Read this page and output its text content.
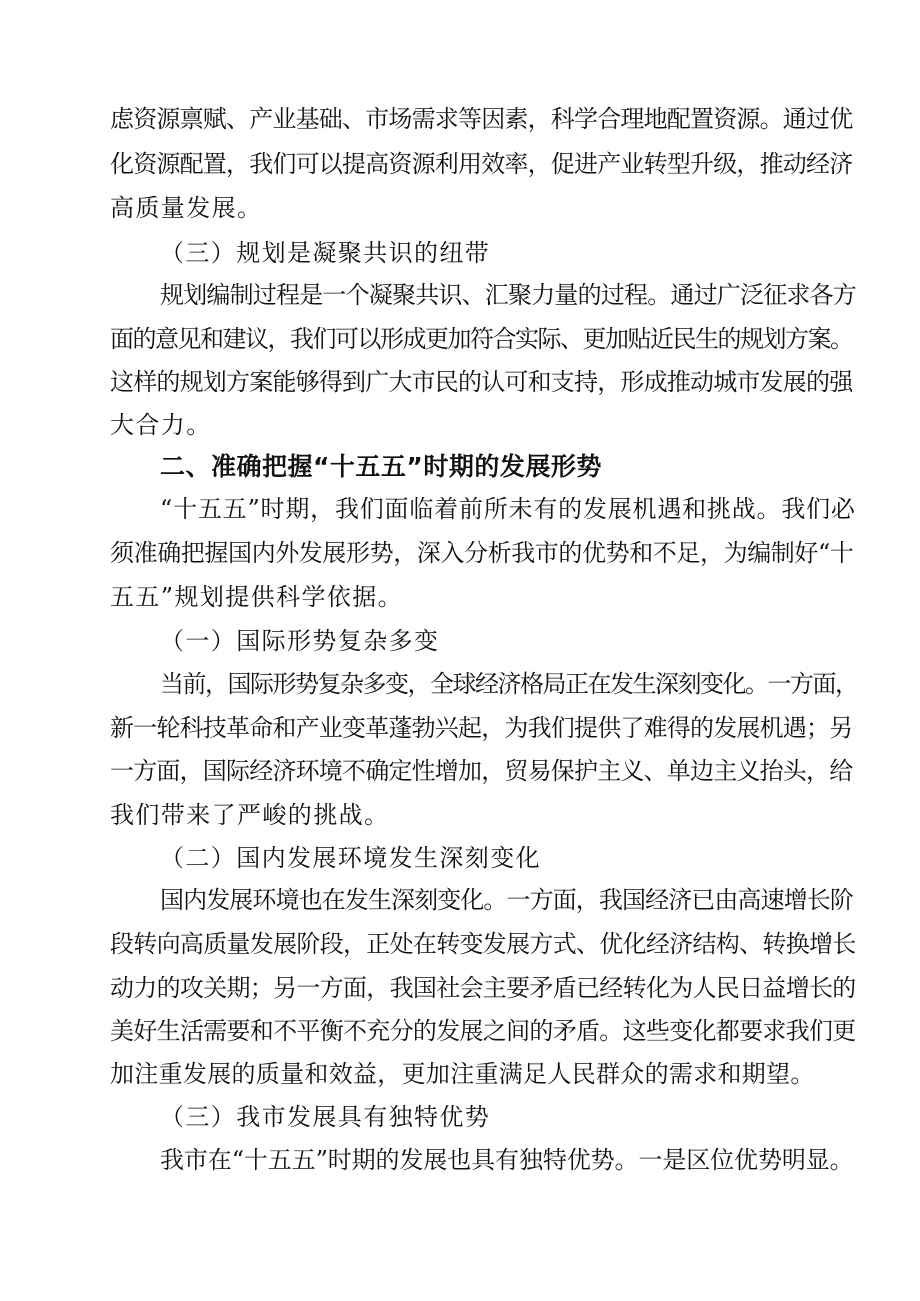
虑资源禀赋、产业基础、市场需求等因素，科学合理地配置资源。通过优
化资源配置，我们可以提高资源利用效率，促进产业转型升级，推动经济
高质量发展。
（三）规划是凝聚共识的纽带
规划编制过程是一个凝聚共识、汇聚力量的过程。通过广泛征求各方
面的意见和建议，我们可以形成更加符合实际、更加贴近民生的规划方案。
这样的规划方案能够得到广大市民的认可和支持，形成推动城市发展的强
大合力。
二、准确把握“十五五”时期的发展形势
“十五五”时期，我们面临着前所未有的发展机遇和挑战。我们必
须准确把握国内外发展形势，深入分析我市的优势和不足，为编制好“十
五五”规划提供科学依据。
（一）国际形势复杂多变
当前，国际形势复杂多变，全球经济格局正在发生深刻变化。一方面，
新一轮科技革命和产业变革蓬勃兴起，为我们提供了难得的发展机遇；另
一方面，国际经济环境不确定性增加，贸易保护主义、单边主义抬头，给
我们带来了严峻的挑战。
（二）国内发展环境发生深刻变化
国内发展环境也在发生深刻变化。一方面，我国经济已由高速增长阶
段转向高质量发展阶段，正处在转变发展方式、优化经济结构、转换增长
动力的攻关期；另一方面，我国社会主要矛盾已经转化为人民日益增长的
美好生活需要和不平衡不充分的发展之间的矛盾。这些变化都要求我们更
加注重发展的质量和效益，更加注重满足人民群众的需求和期望。
（三）我市发展具有独特优势
我市在“十五五”时期的发展也具有独特优势。一是区位优势明显。
